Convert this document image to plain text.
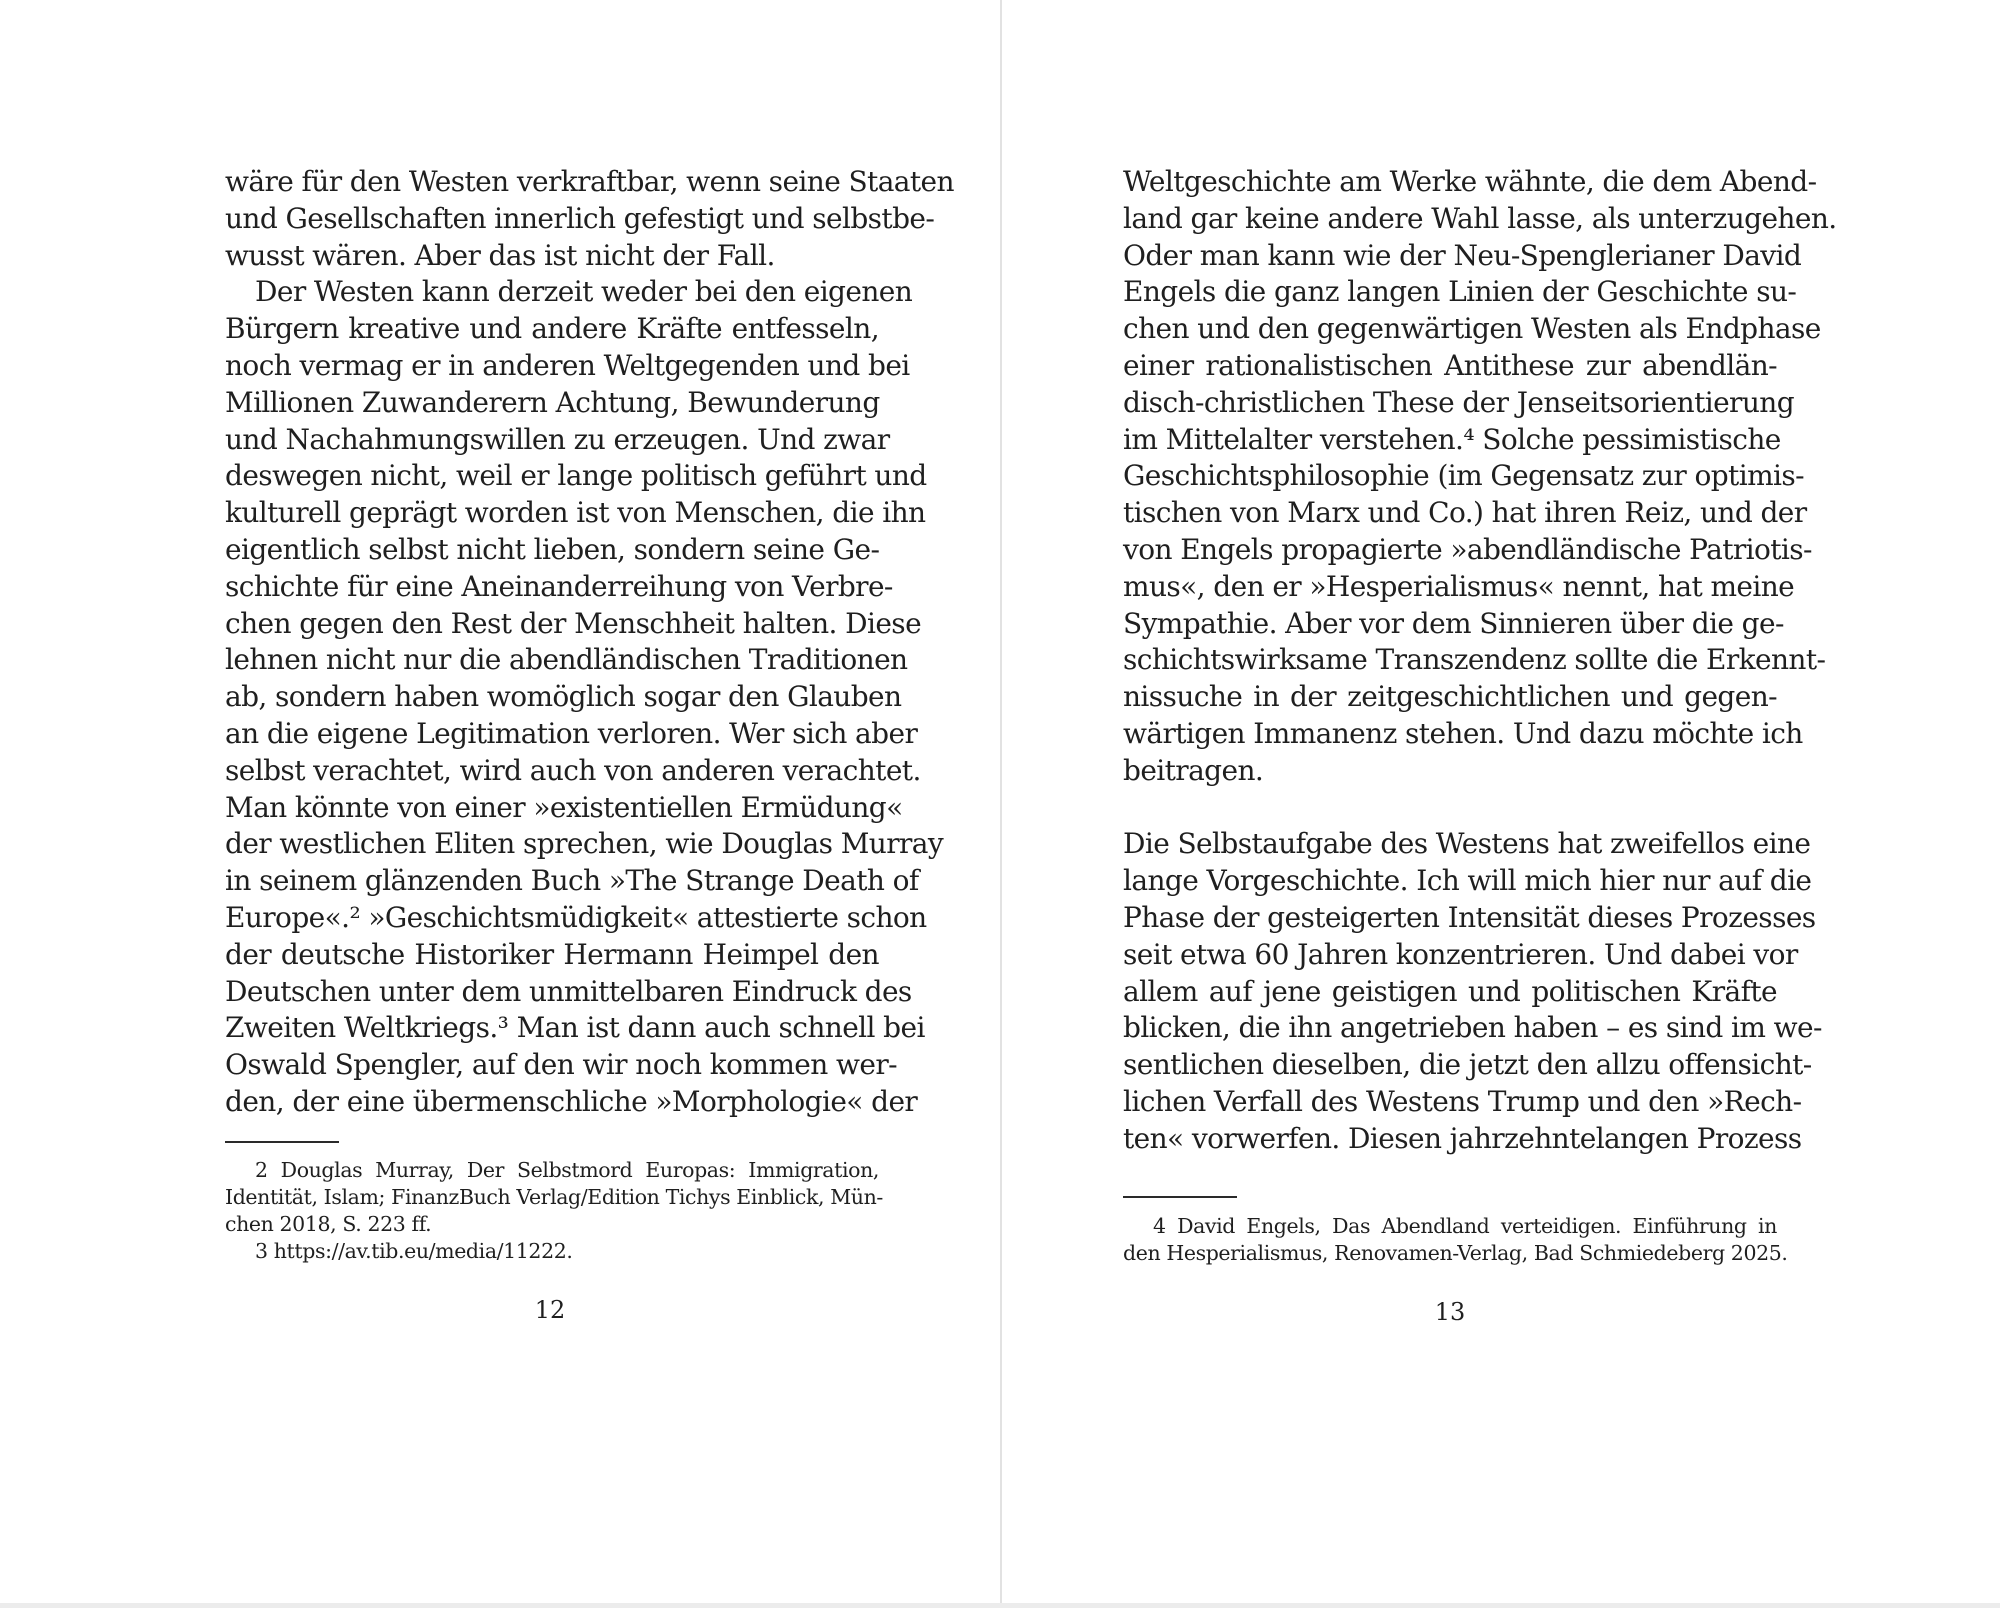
wäre für den Westen verkraftbar, wenn seine Staaten
und Gesellschaften innerlich gefestigt und selbstbe-
wusst wären. Aber das ist nicht der Fall.
Der Westen kann derzeit weder bei den eigenen
Bürgern kreative und andere Kräfte entfesseln,
noch vermag er in anderen Weltgegenden und bei
Millionen Zuwanderern Achtung, Bewunderung
und Nachahmungswillen zu erzeugen. Und zwar
deswegen nicht, weil er lange politisch geführt und
kulturell geprägt worden ist von Menschen, die ihn
eigentlich selbst nicht lieben, sondern seine Ge-
schichte für eine Aneinanderreihung von Verbre-
chen gegen den Rest der Menschheit halten. Diese
lehnen nicht nur die abendländischen Traditionen
ab, sondern haben womöglich sogar den Glauben
an die eigene Legitimation verloren. Wer sich aber
selbst verachtet, wird auch von anderen verachtet.
Man könnte von einer »existentiellen Ermüdung«
der westlichen Eliten sprechen, wie Douglas Murray
in seinem glänzenden Buch »The Strange Death of
Europe«.² »Geschichtsmüdigkeit« attestierte schon
der deutsche Historiker Hermann Heimpel den
Deutschen unter dem unmittelbaren Eindruck des
Zweiten Weltkriegs.³ Man ist dann auch schnell bei
Oswald Spengler, auf den wir noch kommen wer-
den, der eine übermenschliche »Morphologie« der
2 Douglas Murray, Der Selbstmord Europas: Immigration,
Identität, Islam; FinanzBuch Verlag/Edition Tichys Einblick, Mün-
chen 2018, S. 223 ff.
3 https://av.tib.eu/media/11222.
12
Weltgeschichte am Werke wähnte, die dem Abend-
land gar keine andere Wahl lasse, als unterzugehen.
Oder man kann wie der Neu-Spenglerianer David
Engels die ganz langen Linien der Geschichte su-
chen und den gegenwärtigen Westen als Endphase
einer rationalistischen Antithese zur abendlän-
disch-christlichen These der Jenseitsorientierung
im Mittelalter verstehen.⁴ Solche pessimistische
Geschichtsphilosophie (im Gegensatz zur optimis-
tischen von Marx und Co.) hat ihren Reiz, und der
von Engels propagierte »abendländische Patriotis-
mus«, den er »Hesperialismus« nennt, hat meine
Sympathie. Aber vor dem Sinnieren über die ge-
schichtswirksame Transzendenz sollte die Erkennt-
nissuche in der zeitgeschichtlichen und gegen-
wärtigen Immanenz stehen. Und dazu möchte ich
beitragen.
Die Selbstaufgabe des Westens hat zweifellos eine
lange Vorgeschichte. Ich will mich hier nur auf die
Phase der gesteigerten Intensität dieses Prozesses
seit etwa 60 Jahren konzentrieren. Und dabei vor
allem auf jene geistigen und politischen Kräfte
blicken, die ihn angetrieben haben – es sind im we-
sentlichen dieselben, die jetzt den allzu offensicht-
lichen Verfall des Westens Trump und den »Rech-
ten« vorwerfen. Diesen jahrzehntelangen Prozess
4 David Engels, Das Abendland verteidigen. Einführung in
den Hesperialismus, Renovamen-Verlag, Bad Schmiedeberg 2025.
13
